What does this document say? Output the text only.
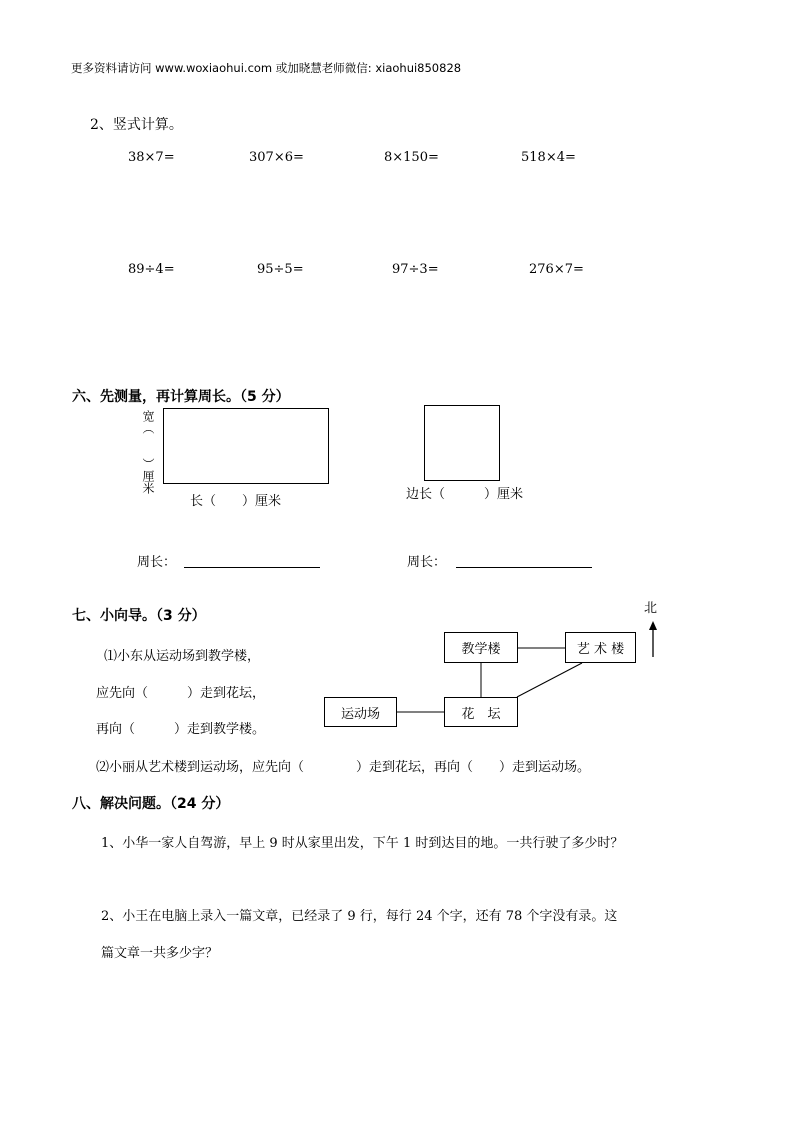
更多资料请访问 www.woxiaohui.com 或加晓慧老师微信: xiaohui850828
2、竖式计算。
38×7=	307×6=	8×150=	518×4=
89÷4=	95÷5=	97÷3=	276×7=
六、先测量，再计算周长。（5 分）
宽（　　）厘米
长（　　）厘米	边长（　　　）厘米
周长：	周长：
七、小向导。（3 分）
⑴小东从运动场到教学楼，
应先向（　　　）走到花坛，
再向（　　　）走到教学楼。
⑵小丽从艺术楼到运动场，应先向（　　　　）走到花坛，再向（　　）走到运动场。
北
教学楼	艺 术 楼
运动场	花　坛
八、解决问题。（24 分）
1、小华一家人自驾游，早上 9 时从家里出发，下午 1 时到达目的地。一共行驶了多少时？
2、小王在电脑上录入一篇文章，已经录了 9 行，每行 24 个字，还有 78 个字没有录。这
篇文章一共多少字？
